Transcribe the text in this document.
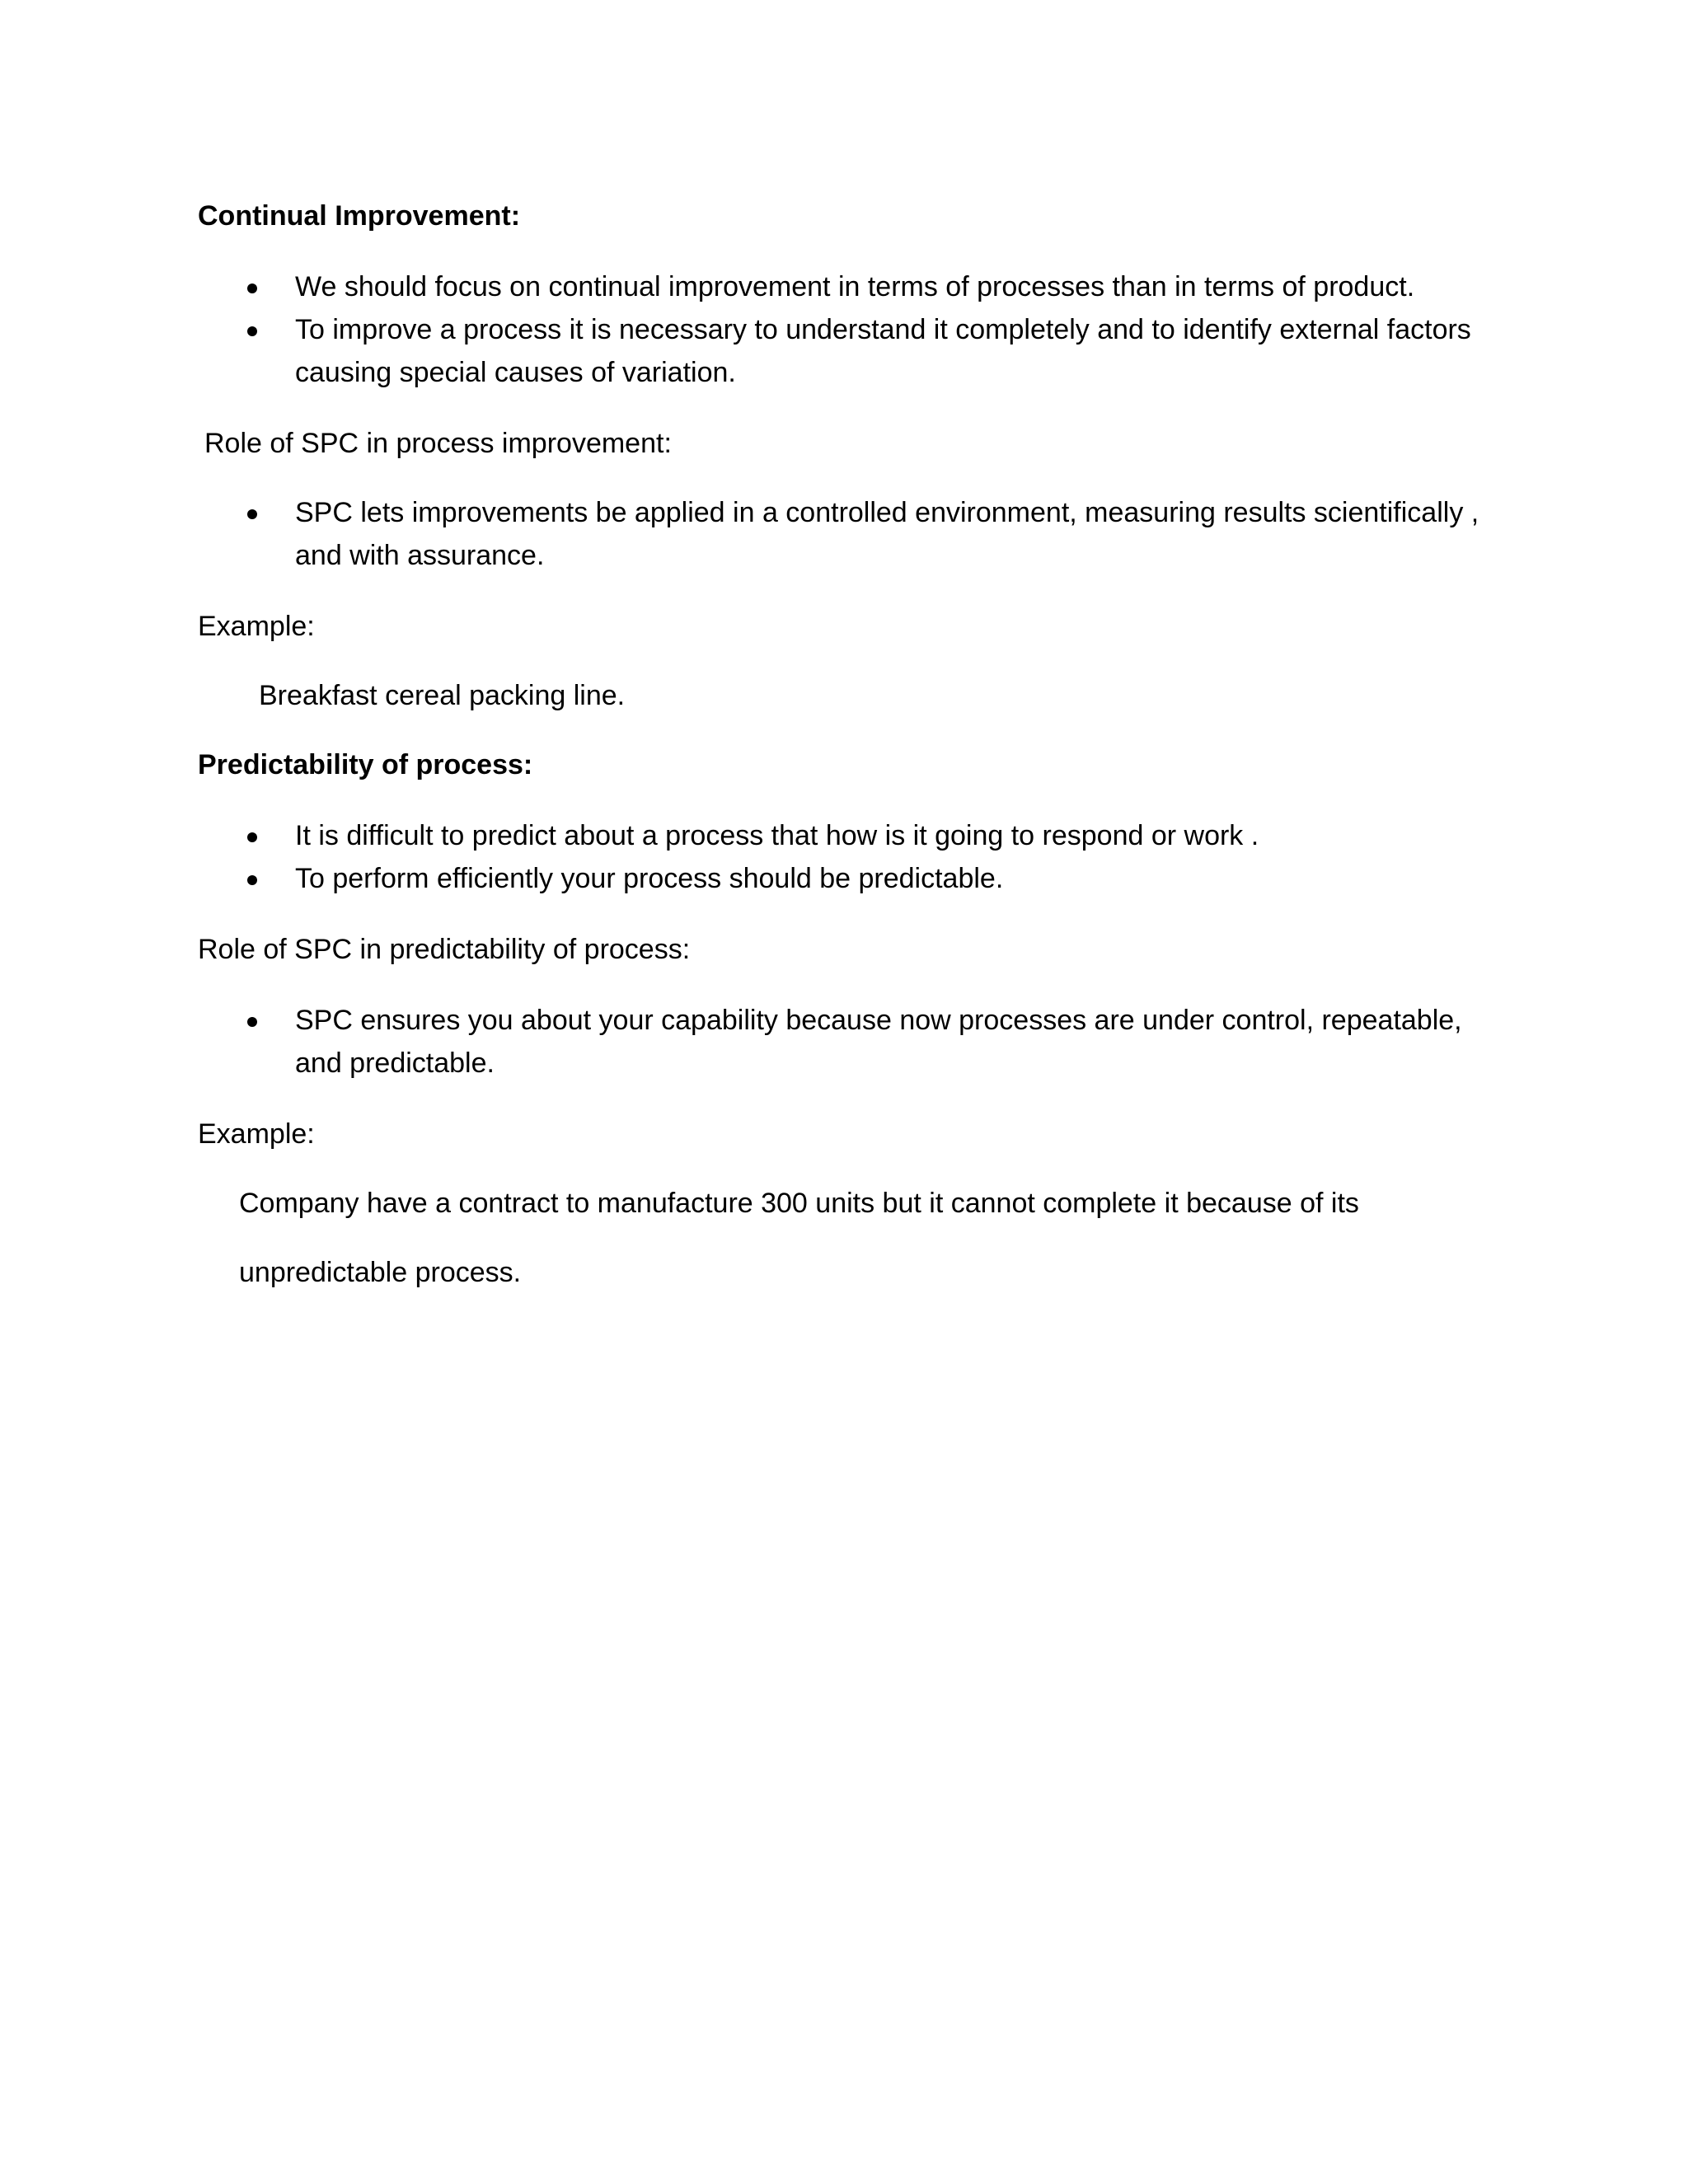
Continual Improvement:
We should focus on continual improvement in terms of processes than in terms of product.
To improve a process it is necessary to understand it completely and to identify external factors
causing special causes of variation.
Role of SPC in process improvement:
SPC lets improvements be applied in a controlled environment, measuring results scientifically ,
and with assurance.
Example:
Breakfast cereal packing line.
Predictability of process:
It is difficult to predict about a process that how is it going to respond or work .
To perform efficiently your process should be predictable.
Role of SPC in predictability of process:
SPC ensures you about your capability because now processes are under control, repeatable,
and predictable.
Example:
Company have a contract to manufacture 300 units but it cannot complete it because of its
unpredictable process.
